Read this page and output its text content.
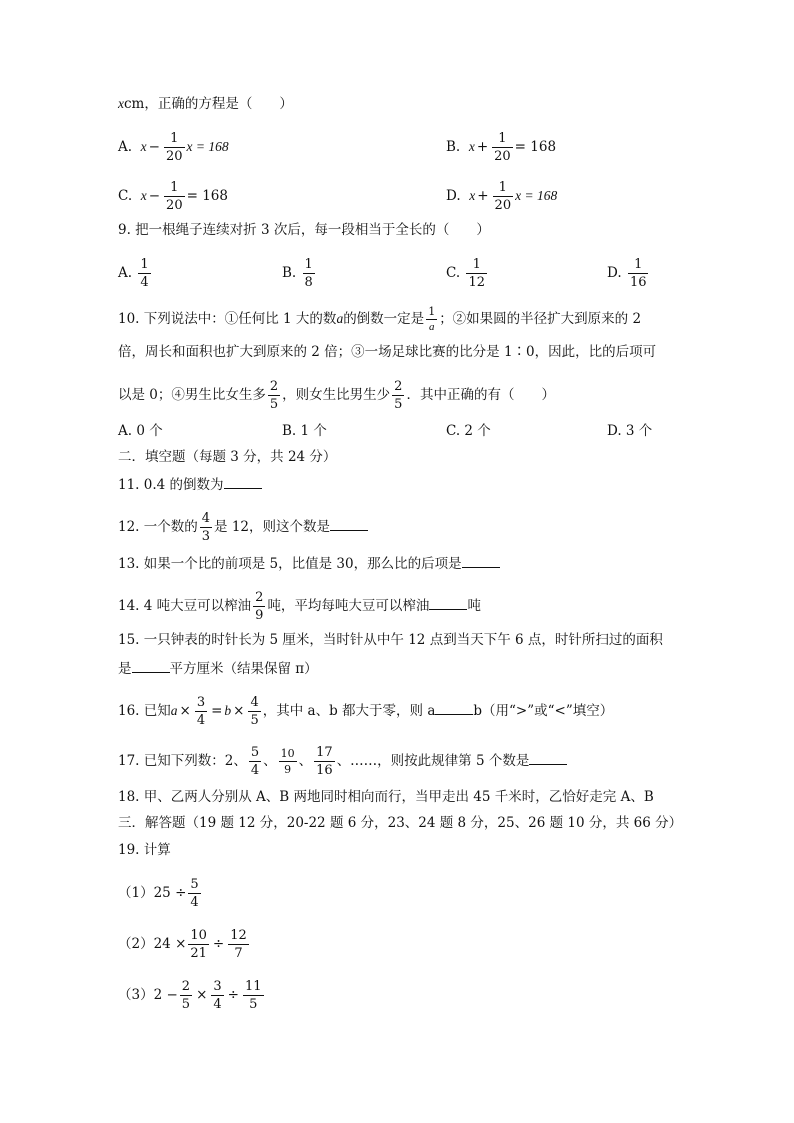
xcm，正确的方程是（　　）
A. $x - \frac{1}{20}$ x = 168	B. $x + \frac{1}{20} = 168$
C. $x - \frac{1}{20} = 168$	D. $x + \frac{1}{20}$ x = 168
9. 把一根绳子连续对折 3 次后，每一段相当于全长的（　　）
A. $\frac{1}{4}$	B. $\frac{1}{8}$	C. $\frac{1}{12}$	D. $\frac{1}{16}$
10. 下列说法中：①任何比 1 大的数a的倒数一定是 $\frac{1}{a}$ ；②如果圆的半径扩大到原来的 2
倍，周长和面积也扩大到原来的 2 倍；③一场足球比赛的比分是 1∶0，因此，比的后项可
以是 0；④男生比女生多 $\frac{2}{5}$ ，则女生比男生少 $\frac{2}{5}$ ．其中正确的有（　　）
A. 0 个	B. 1 个	C. 2 个	D. 3 个
二．填空题（每题 3 分，共 24 分）
11. 0.4 的倒数为
12. 一个数的 $\frac{4}{3}$ 是 12，则这个数是
13. 如果一个比的前项是 5，比值是 30，那么比的后项是
14. 4 吨大豆可以榨油 $\frac{2}{9}$ 吨，平均每吨大豆可以榨油	吨
15. 一只钟表的时针长为 5 厘米，当时针从中午 12 点到当天下午 6 点，时针所扫过的面积
是	平方厘米（结果保留 π）
16. 已知$a \times \frac{3}{4} = b \times \frac{4}{5}$ ，其中 a、b 都大于零，则 a	b（用“>”或“<”填空）
17. 已知下列数：2、 $\frac{5}{4}$ 、 $\frac{10}{9}$ 、 $\frac{17}{16}$ 、……，则按此规律第 5 个数是
18. 甲、乙两人分别从 A、B 两地同时相向而行，当甲走出 45 千米时，乙恰好走完 A、B
三．解答题（19 题 12 分，20-22 题 6 分，23、24 题 8 分，25、26 题 10 分，共 66 分）
19. 计算
$(1)25 \div \frac{5}{4}$
$(2)24 \times \frac{10}{21} \div \frac{12}{7}$
$(3)2 - \frac{2}{5} \times \frac{3}{4} \div \frac{11}{5}$
